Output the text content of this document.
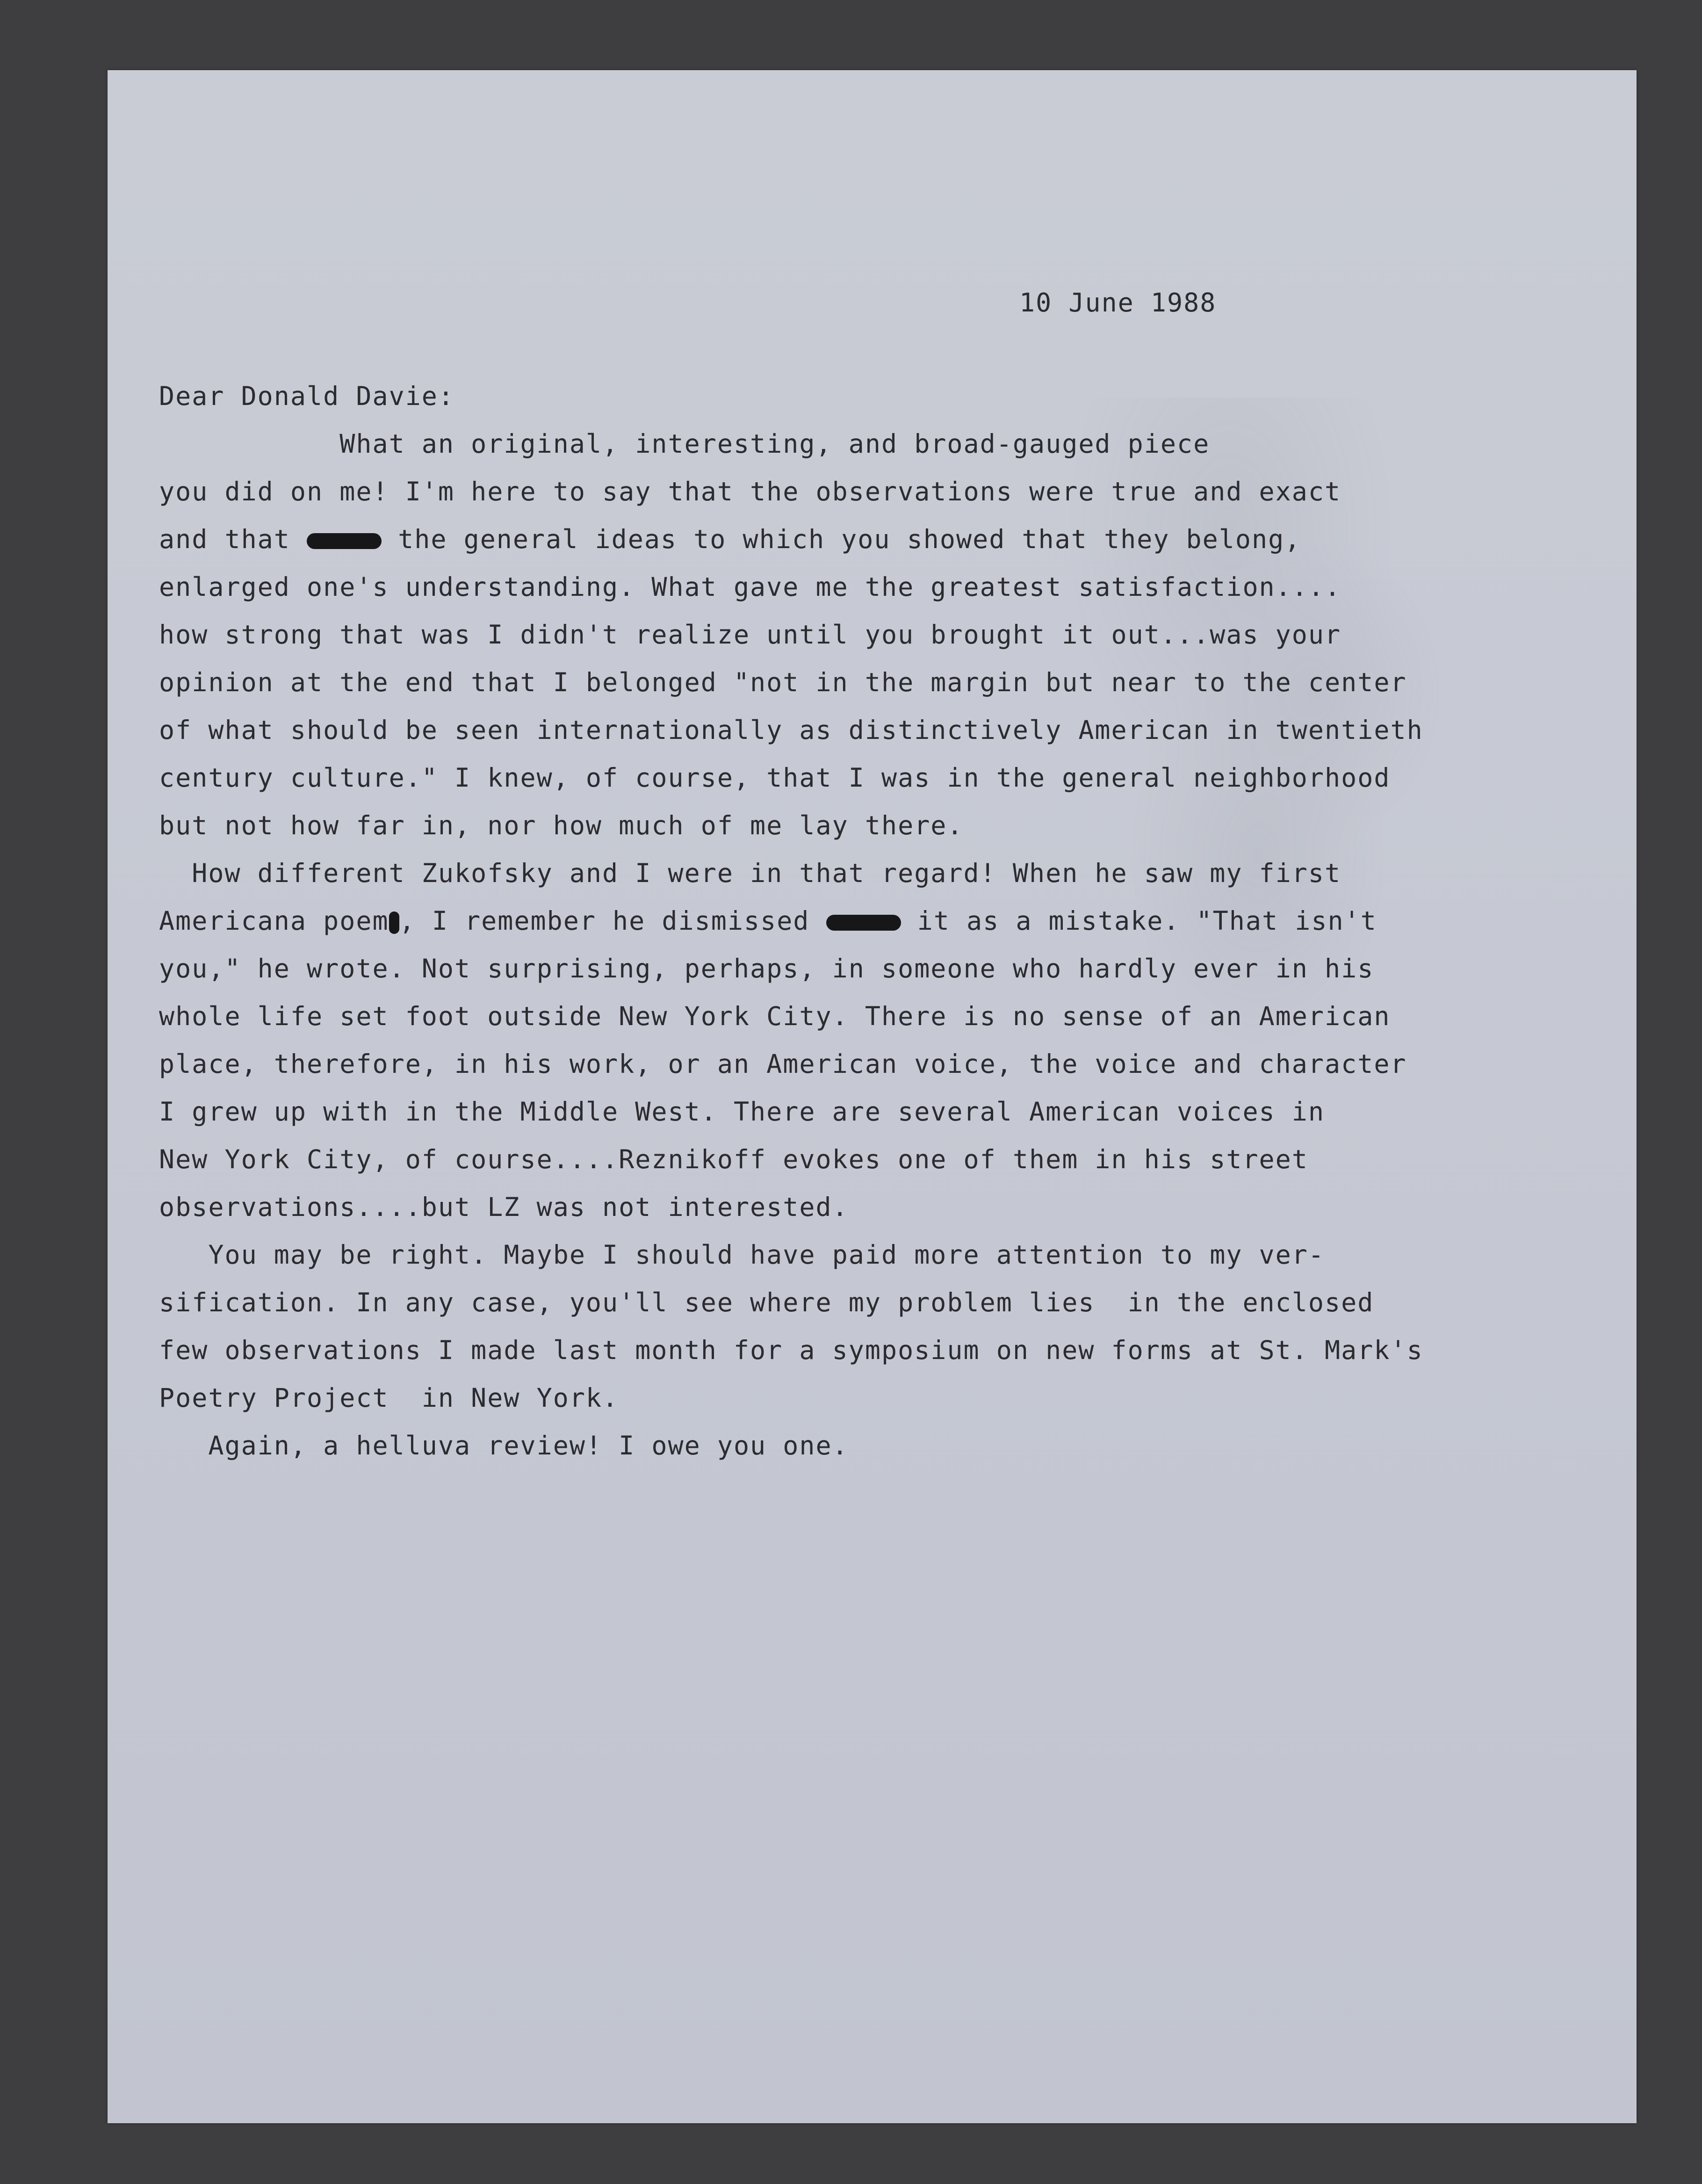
10 June 1988
Dear Donald Davie:
What an original, interesting, and broad-gauged piece
you did on me! I'm here to say that the observations were true and exact
and that	the general ideas to which you showed that they belong,
enlarged one's understanding. What gave me the greatest satisfaction....
how strong that was I didn't realize until you brought it out...was your
opinion at the end that I belonged "not in the margin but near to the center
of what should be seen internationally as distinctively American in twentieth
century culture." I knew, of course, that I was in the general neighborhood
but not how far in, nor how much of me lay there.
How different Zukofsky and I were in that regard! When he saw my first
Americana poem , I remember he dismissed	it as a mistake. "That isn't
you," he wrote. Not surprising, perhaps, in someone who hardly ever in his
whole life set foot outside New York City. There is no sense of an American
place, therefore, in his work, or an American voice, the voice and character
I grew up with in the Middle West. There are several American voices in
New York City, of course....Reznikoff evokes one of them in his street
observations....but LZ was not interested.
You may be right. Maybe I should have paid more attention to my ver-
sification. In any case, you'll see where my problem lies  in the enclosed
few observations I made last month for a symposium on new forms at St. Mark's
Poetry Project  in New York.
Again, a helluva review! I owe you one.
